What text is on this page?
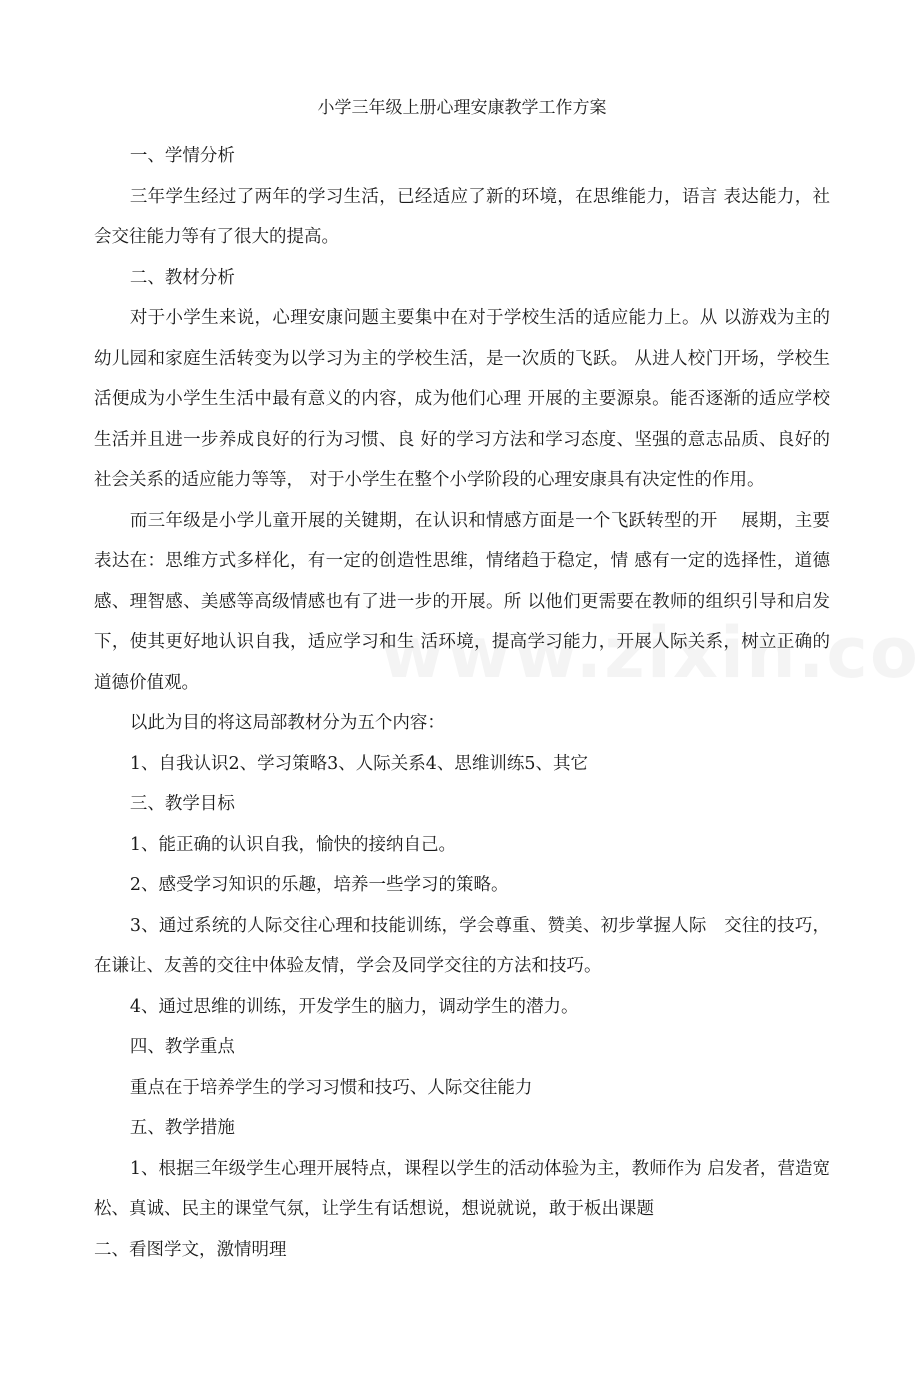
小学三年级上册心理安康教学工作方案

一、学情分析

三年学生经过了两年的学习生活，已经适应了新的环境，在思维能力，语言 表达能力，社会交往能力等有了很大的提高。

二、教材分析

对于小学生来说，心理安康问题主要集中在对于学校生活的适应能力上。从 以游戏为主的幼儿园和家庭生活转变为以学习为主的学校生活，是一次质的飞跃。 从进人校门开场，学校生活便成为小学生生活中最有意义的内容，成为他们心理 开展的主要源泉。能否逐渐的适应学校生活并且进一步养成良好的行为习惯、良 好的学习方法和学习态度、坚强的意志品质、良好的社会关系的适应能力等等， 对于小学生在整个小学阶段的心理安康具有决定性的作用。

而三年级是小学儿童开展的关键期，在认识和情感方面是一个飞跃转型的开　 展期，主要表达在：思维方式多样化，有一定的创造性思维，情绪趋于稳定，情 感有一定的选择性，道德感、理智感、美感等高级情感也有了进一步的开展。所 以他们更需要在教师的组织引导和启发下，使其更好地认识自我，适应学习和生 活环境，提高学习能力，开展人际关系，树立正确的道德价值观。

以此为目的将这局部教材分为五个内容：

1、自我认识2、学习策略3、人际关系4、思维训练5、其它

三、教学目标

1、能正确的认识自我，愉快的接纳自己。

2、感受学习知识的乐趣，培养一些学习的策略。

3、通过系统的人际交往心理和技能训练，学会尊重、赞美、初步掌握人际　交往的技巧，在谦让、友善的交往中体验友情，学会及同学交往的方法和技巧。

4、通过思维的训练，开发学生的脑力，调动学生的潜力。

四、教学重点

重点在于培养学生的学习习惯和技巧、人际交往能力

五、教学措施

1、根据三年级学生心理开展特点，课程以学生的活动体验为主，教师作为 启发者，营造宽松、真诚、民主的课堂气氛，让学生有话想说，想说就说，敢于板出课题

二、看图学文，激情明理
